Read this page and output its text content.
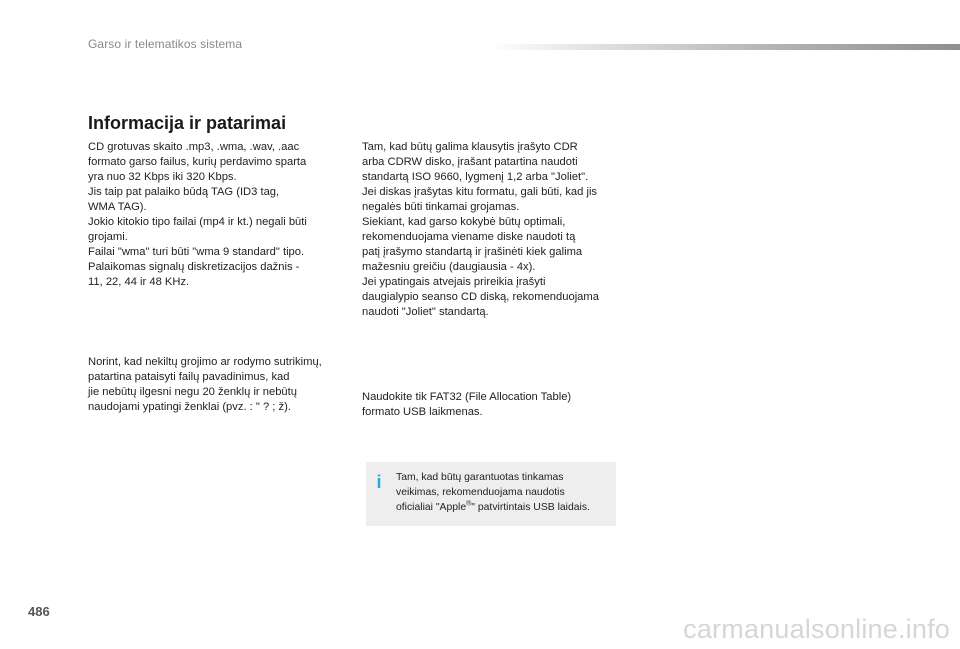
Garso ir telematikos sistema
Informacija ir patarimai

CD grotuvas skaito .mp3, .wma, .wav, .aac

formato garso failus, kurių perdavimo sparta

yra nuo 32 Kbps iki 320 Kbps.

Jis taip pat palaiko būdą TAG (ID3 tag,

WMA TAG).

Jokio kitokio tipo failai (mp4 ir kt.) negali būti

grojami.

Failai "wma" turi būti "wma 9 standard" tipo.

Palaikomas signalų diskretizacijos dažnis -

11, 22, 44 ir 48 KHz.

Norint, kad nekiltų grojimo ar rodymo sutrikimų,

patartina pataisyti failų pavadinimus, kad

jie nebūtų ilgesni negu 20 ženklų ir nebūtų

naudojami ypatingi ženklai (pvz. : " ? ; ž).

Tam, kad būtų galima klausytis įrašyto CDR

arba CDRW disko, įrašant patartina naudoti

standartą ISO 9660, lygmenį 1,2 arba "Joliet".

Jei diskas įrašytas kitu formatu, gali būti, kad jis

negalės būti tinkamai grojamas.

Siekiant, kad garso kokybė būtų optimali,

rekomenduojama viename diske naudoti tą

patį įrašymo standartą ir įrašinėti kiek galima

mažesniu greičiu (daugiausia - 4x).

Jei ypatingais atvejais prireikia įrašyti

daugialypio seanso CD diską, rekomenduojama

naudoti "Joliet" standartą.

Naudokite tik FAT32 (File Allocation Table)

formato USB laikmenas.

i Tam, kad būtų garantuotas tinkamas
veikimas, rekomenduojama naudotis
oficialiai "Apple®" patvirtintais USB laidais.
486
carmanualsonline.info
